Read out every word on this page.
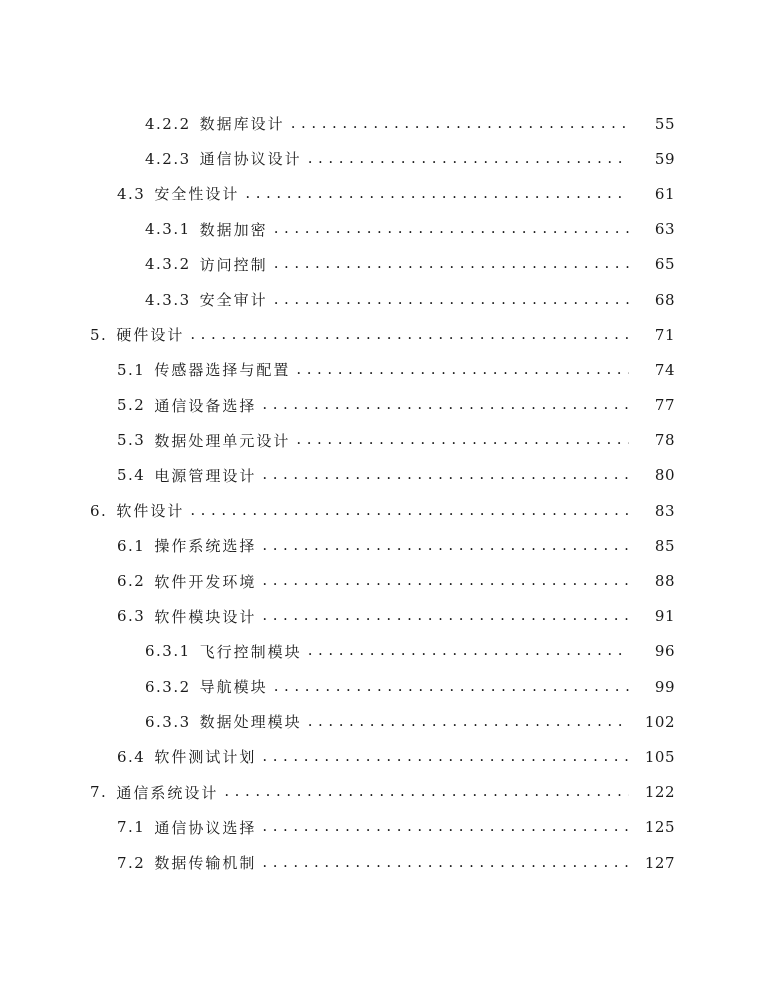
4.2.2 数据库设计 . . .	55
4.2.3 通信协议设计 . . .	59
4.3 安全性设计 . . .	61
4.3.1 数据加密 . . .	63
4.3.2 访问控制 . . .	65
4.3.3 安全审计 . . .	68
5. 硬件设计 . . .	71
5.1 传感器选择与配置 . . .	74
5.2 通信设备选择 . . .	77
5.3 数据处理单元设计 . . .	78
5.4 电源管理设计 . . .	80
6. 软件设计 . . .	83
6.1 操作系统选择 . . .	85
6.2 软件开发环境 . . .	88
6.3 软件模块设计 . . .	91
6.3.1 飞行控制模块 . . .	96
6.3.2 导航模块 . . .	99
6.3.3 数据处理模块 . . .	102
6.4 软件测试计划 . . .	105
7. 通信系统设计 . . .	122
7.1 通信协议选择 . . .	125
7.2 数据传输机制 . . .	127
